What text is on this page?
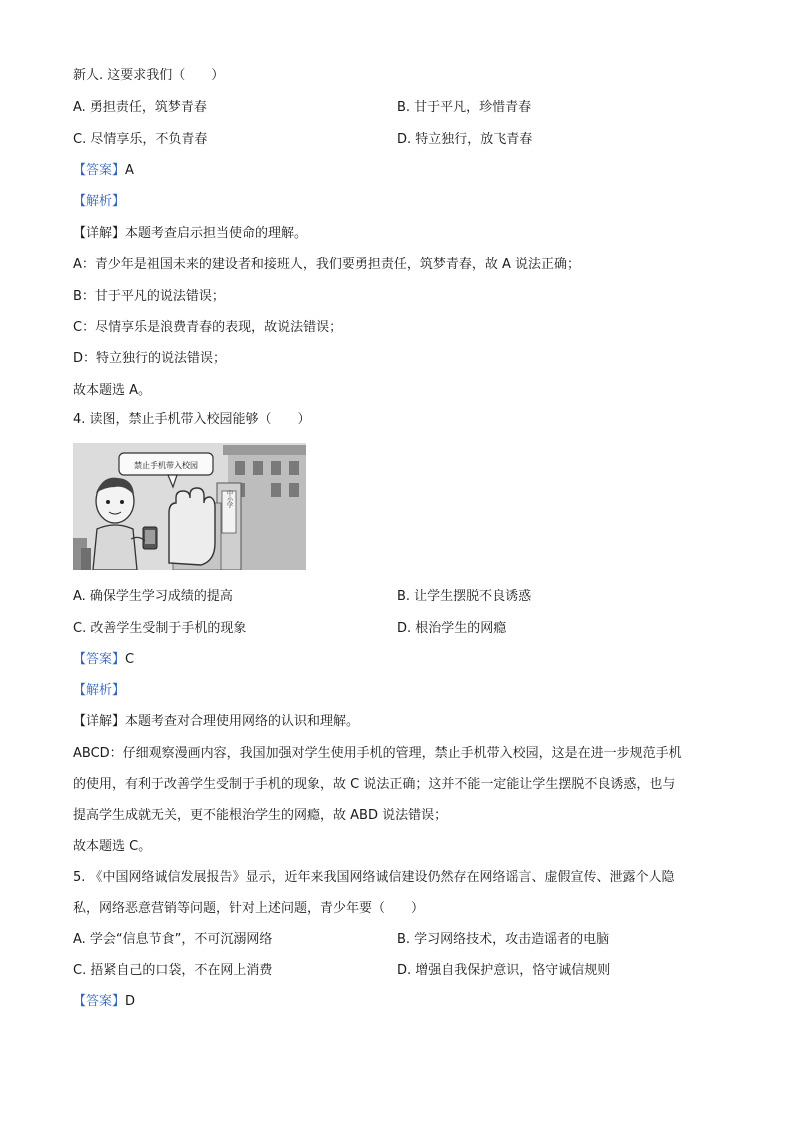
新人. 这要求我们（　　）
A. 勇担责任，筑梦青春	B. 甘于平凡，珍惜青春
C. 尽情享乐，不负青春	D. 特立独行，放飞青春
【答案】A
【解析】
【详解】本题考查启示担当使命的理解。
A：青少年是祖国未来的建设者和接班人，我们要勇担责任，筑梦青春，故 A 说法正确；
B：甘于平凡的说法错误；
C：尽情享乐是浪费青春的表现，故说法错误；
D：特立独行的说法错误；
故本题选 A。
4. 读图，禁止手机带入校园能够（　　）
中小学
禁止手机带入校园
A. 确保学生学习成绩的提高	B. 让学生摆脱不良诱惑
C. 改善学生受制于手机的现象	D. 根治学生的网瘾
【答案】C
【解析】
【详解】本题考查对合理使用网络的认识和理解。
ABCD：仔细观察漫画内容，我国加强对学生使用手机的管理，禁止手机带入校园，这是在进一步规范手机
的使用，有利于改善学生受制于手机的现象，故 C 说法正确；这并不能一定能让学生摆脱不良诱惑，也与
提高学生成就无关，更不能根治学生的网瘾，故 ABD 说法错误；
故本题选 C。
5. 《中国网络诚信发展报告》显示，近年来我国网络诚信建设仍然存在网络谣言、虚假宣传、泄露个人隐
私，网络恶意营销等问题，针对上述问题，青少年要（　　）
A. 学会“信息节食”，不可沉溺网络	B. 学习网络技术，攻击造谣者的电脑
C. 捂紧自己的口袋，不在网上消费	D. 增强自我保护意识，恪守诚信规则
【答案】D
